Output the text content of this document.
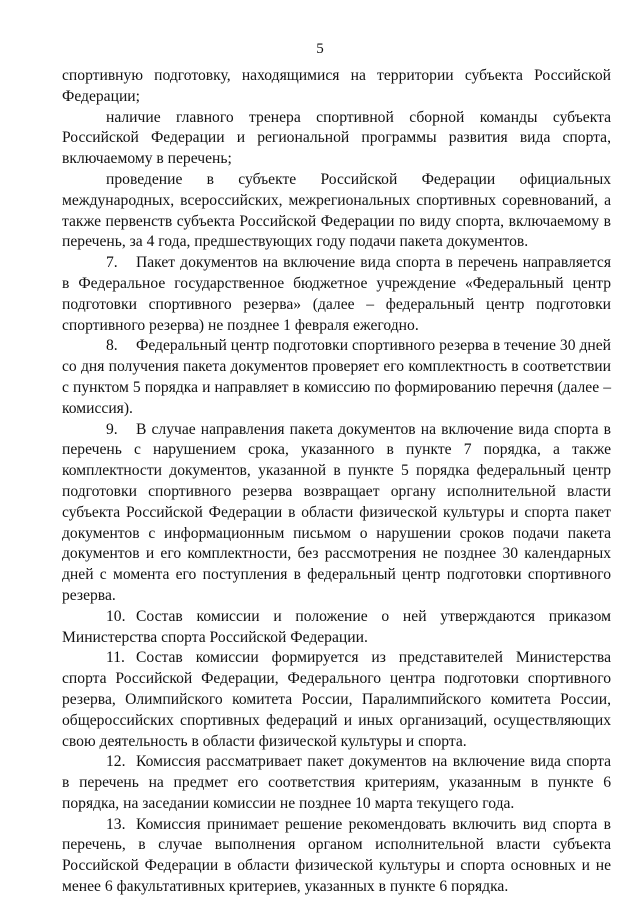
5

спортивную подготовку, находящимися на территории субъекта Российской Федерации;

наличие главного тренера спортивной сборной команды субъекта Российской Федерации и региональной программы развития вида спорта, включаемому в перечень;

проведение в субъекте Российской Федерации официальных международных, всероссийских, межрегиональных спортивных соревнований, а также первенств субъекта Российской Федерации по виду спорта, включаемому в перечень, за 4 года, предшествующих году подачи пакета документов.

7. Пакет документов на включение вида спорта в перечень направляется в Федеральное государственное бюджетное учреждение «Федеральный центр подготовки спортивного резерва» (далее – федеральный центр подготовки спортивного резерва) не позднее 1 февраля ежегодно.

8. Федеральный центр подготовки спортивного резерва в течение 30 дней со дня получения пакета документов проверяет его комплектность в соответствии с пунктом 5 порядка и направляет в комиссию по формированию перечня (далее – комиссия).

9. В случае направления пакета документов на включение вида спорта в перечень с нарушением срока, указанного в пункте 7 порядка, а также комплектности документов, указанной в пункте 5 порядка федеральный центр подготовки спортивного резерва возвращает органу исполнительной власти субъекта Российской Федерации в области физической культуры и спорта пакет документов с информационным письмом о нарушении сроков подачи пакета документов и его комплектности, без рассмотрения не позднее 30 календарных дней с момента его поступления в федеральный центр подготовки спортивного резерва.

10. Состав комиссии и положение о ней утверждаются приказом Министерства спорта Российской Федерации.

11. Состав комиссии формируется из представителей Министерства спорта Российской Федерации, Федерального центра подготовки спортивного резерва, Олимпийского комитета России, Паралимпийского комитета России, общероссийских спортивных федераций и иных организаций, осуществляющих свою деятельность в области физической культуры и спорта.

12. Комиссия рассматривает пакет документов на включение вида спорта в перечень на предмет его соответствия критериям, указанным в пункте 6 порядка, на заседании комиссии не позднее 10 марта текущего года.

13. Комиссия принимает решение рекомендовать включить вид спорта в перечень, в случае выполнения органом исполнительной власти субъекта Российской Федерации в области физической культуры и спорта основных и не менее 6 факультативных критериев, указанных в пункте 6 порядка.
